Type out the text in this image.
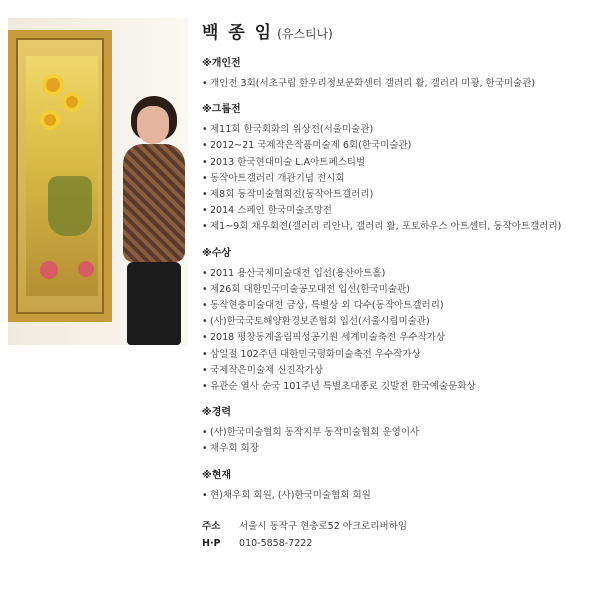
백 종 임 (유스티나)
※개인전
• 개인전 3회(서초구립 한우리정보문화센터 갤러리 활, 갤러리 미광, 한국미술관)
※그룹전
• 제11회 한국회화의 위상전(서울미술관)
• 2012~21 국제작은작품미술제 6회(한국미술관)
• 2013 한국현대미술 L.A아트페스티벌
• 동작아트갤러리 개관기념 전시회
• 제8회 동작미술협회전(동작아트갤러리)
• 2014 스페인 한국미술조망전
• 제1~9회 채우회전(갤러리 리안나, 갤러리 활, 포토하우스 아트센터, 동작아트갤러리)
※수상
• 2011 용산국제미술대전 입선(용산아트홀)
• 제26회 대한민국미술공모대전 입선(한국미술관)
• 동작현충미술대전 금상, 특별상 외 다수(동작아트갤러리)
• (사)한국국토해양환경보존협회 입선(서울시립미술관)
• 2018 평창동계올림픽성공기원 세계미술축전 우수작가상
• 삼일절 102주년 대한민국평화미술축전 우수작가상
• 국제작은미술제 신진작가상
• 유관순 열사 순국 101주년 특별초대종로 깃발전 한국예술문화상
※경력
• (사)한국미술협회 동작지부 동작미술협회 운영이사
• 채우회 회장
※현재
• 현)채우회 회원, (사)한국미술협회 회원
주소 서울시 동작구 현충로52 아크로리버하임
H·P 010-5858-7222
